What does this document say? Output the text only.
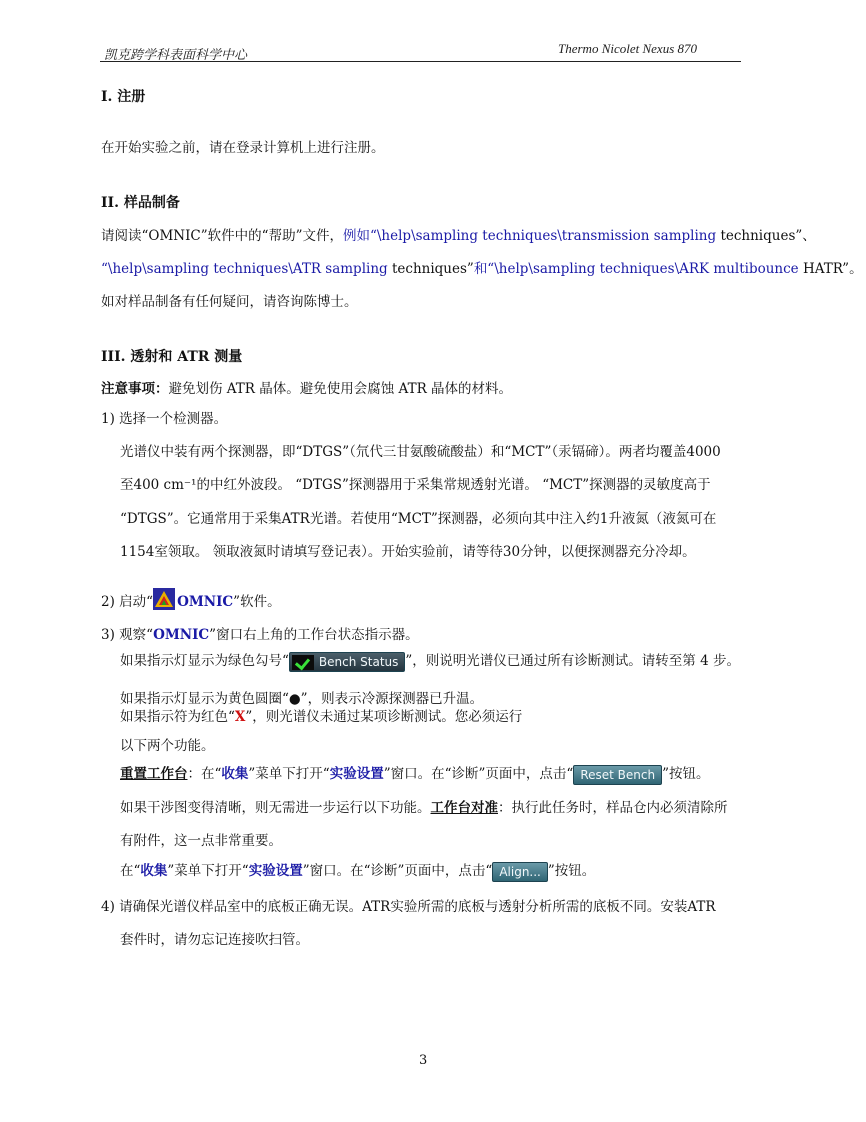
凯克跨学科表面科学中心	Thermo Nicolet Nexus 870
I. 注册
在开始实验之前，请在登录计算机上进行注册。
II. 样品制备
请阅读“OMNIC”软件中的“帮助”文件，例如“\help\sampling techniques\transmission sampling techniques”、
“\help\sampling techniques\ATR sampling techniques”和“\help\sampling techniques\ARK multibounce HATR”。
如对样品制备有任何疑问，请咨询陈博士。
III. 透射和 ATR 测量
注意事项：避免划伤 ATR 晶体。避免使用会腐蚀 ATR 晶体的材料。
1) 选择一个检测器。
光谱仪中装有两个探测器，即“DTGS”（氘代三甘氨酸硫酸盐）和“MCT”（汞镉碲）。两者均覆盖4000
至400 cm⁻¹的中红外波段。 “DTGS”探测器用于采集常规透射光谱。 “MCT”探测器的灵敏度高于
“DTGS”。它通常用于采集ATR光谱。若使用“MCT”探测器，必须向其中注入约1升液氮（液氮可在
1154室领取。 领取液氮时请填写登记表）。开始实验前，请等待30分钟，以便探测器充分冷却。
2) 启动“ OMNIC”软件。
3) 观察“OMNIC”窗口右上角的工作台状态指示器。
如果指示灯显示为绿色勾号“	Bench Status ”，则说明光谱仪已通过所有诊断测试。请转至第 4 步。
如果指示灯显示为黄色圆圈“●”，则表示冷源探测器已升温。
如果指示符为红色“X”，则光谱仪未通过某项诊断测试。您必须运行
以下两个功能。
重置工作台：在“收集”菜单下打开“实验设置”窗口。在“诊断”页面中，点击“ Reset Bench ”按钮。
如果干涉图变得清晰，则无需进一步运行以下功能。工作台对准：执行此任务时，样品仓内必须清除所
有附件，这一点非常重要。
在“收集”菜单下打开“实验设置”窗口。在“诊断”页面中，点击“ Align... ”按钮。
4) 请确保光谱仪样品室中的底板正确无误。ATR实验所需的底板与透射分析所需的底板不同。安装ATR
套件时，请勿忘记连接吹扫管。
3
